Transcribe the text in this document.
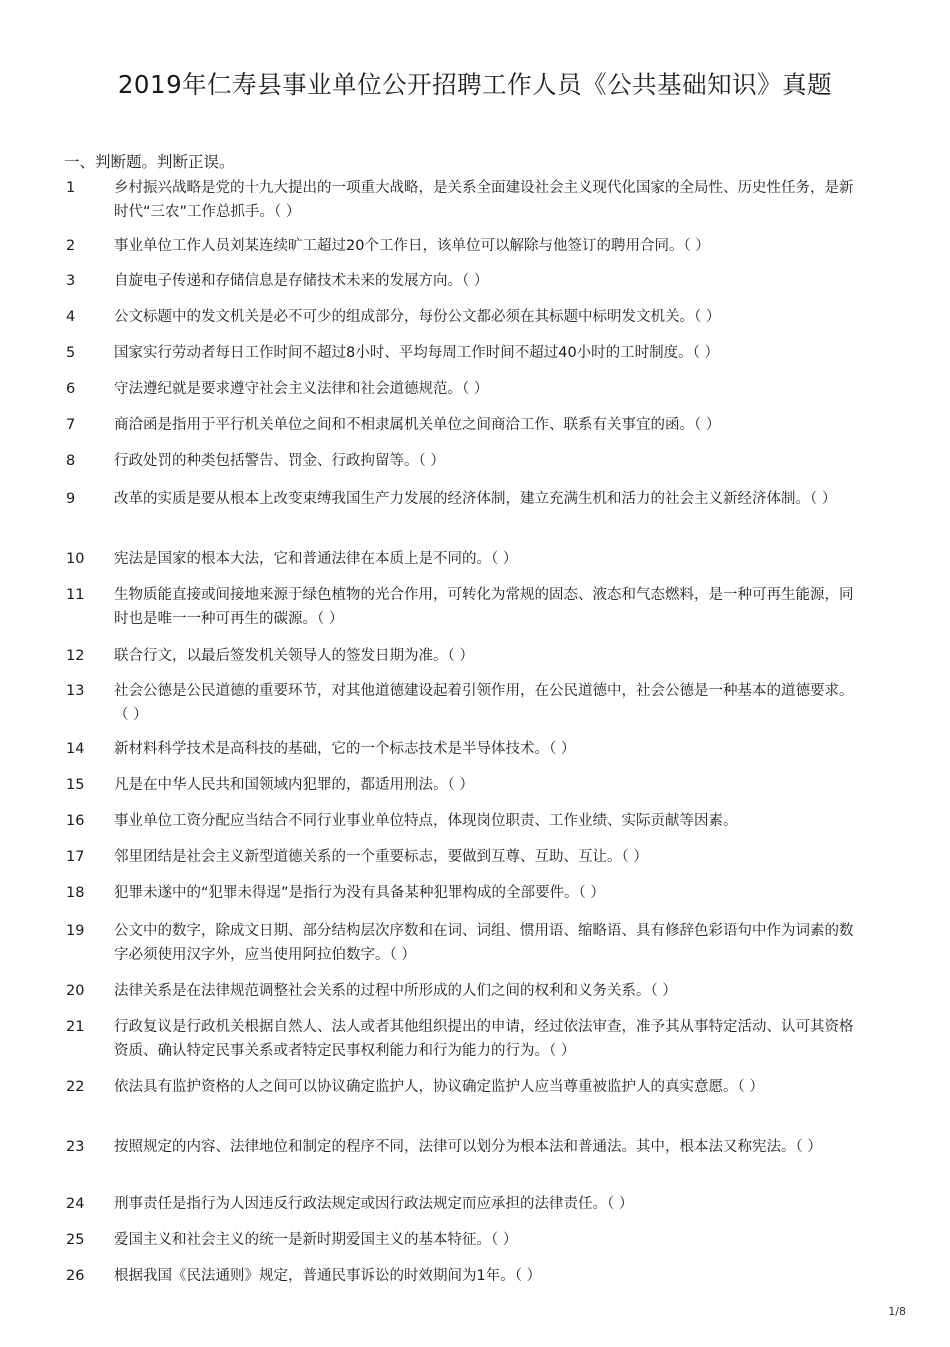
2019年仁寿县事业单位公开招聘工作人员《公共基础知识》真题
一、判断题。判断正误。
1	乡村振兴战略是党的十九大提出的一项重大战略，是关系全面建设社会主义现代化国家的全局性、历史性任务，是新时代“三农”工作总抓手。（ ）
2	事业单位工作人员刘某连续旷工超过20个工作日，该单位可以解除与他签订的聘用合同。（ ）
3	自旋电子传递和存储信息是存储技术未来的发展方向。（ ）
4	公文标题中的发文机关是必不可少的组成部分，每份公文都必须在其标题中标明发文机关。（ ）
5	国家实行劳动者每日工作时间不超过8小时、平均每周工作时间不超过40小时的工时制度。（ ）
6	守法遵纪就是要求遵守社会主义法律和社会道德规范。（ ）
7	商洽函是指用于平行机关单位之间和不相隶属机关单位之间商洽工作、联系有关事宜的函。（ ）
8	行政处罚的种类包括警告、罚金、行政拘留等。（ ）
9	改革的实质是要从根本上改变束缚我国生产力发展的经济体制，建立充满生机和活力的社会主义新经济体制。（ ）
10 宪法是国家的根本大法，它和普通法律在本质上是不同的。（ ）
11 生物质能直接或间接地来源于绿色植物的光合作用，可转化为常规的固态、液态和气态燃料，是一种可再生能源，同时也是唯一一种可再生的碳源。（ ）
12 联合行文，以最后签发机关领导人的签发日期为准。（ ）
13 社会公德是公民道德的重要环节，对其他道德建设起着引领作用，在公民道德中，社会公德是一种基本的道德要求。（ ）
14 新材料科学技术是高科技的基础，它的一个标志技术是半导体技术。（ ）
15 凡是在中华人民共和国领域内犯罪的，都适用刑法。（ ）
16 事业单位工资分配应当结合不同行业事业单位特点，体现岗位职责、工作业绩、实际贡献等因素。
17 邻里团结是社会主义新型道德关系的一个重要标志，要做到互尊、互助、互让。（ ）
18 犯罪未遂中的“犯罪未得逞”是指行为没有具备某种犯罪构成的全部要件。（ ）
19 公文中的数字，除成文日期、部分结构层次序数和在词、词组、惯用语、缩略语、具有修辞色彩语句中作为词素的数字必须使用汉字外，应当使用阿拉伯数字。（ ）
20 法律关系是在法律规范调整社会关系的过程中所形成的人们之间的权利和义务关系。（ ）
21 行政复议是行政机关根据自然人、法人或者其他组织提出的申请，经过依法审查，准予其从事特定活动、认可其资格资质、确认特定民事关系或者特定民事权利能力和行为能力的行为。（ ）
22 依法具有监护资格的人之间可以协议确定监护人，协议确定监护人应当尊重被监护人的真实意愿。（ ）
23 按照规定的内容、法律地位和制定的程序不同，法律可以划分为根本法和普通法。其中，根本法又称宪法。（ ）
24 刑事责任是指行为人因违反行政法规定或因行政法规定而应承担的法律责任。（ ）
25 爱国主义和社会主义的统一是新时期爱国主义的基本特征。（ ）
26 根据我国《民法通则》规定，普通民事诉讼的时效期间为1年。（ ）
1/8
